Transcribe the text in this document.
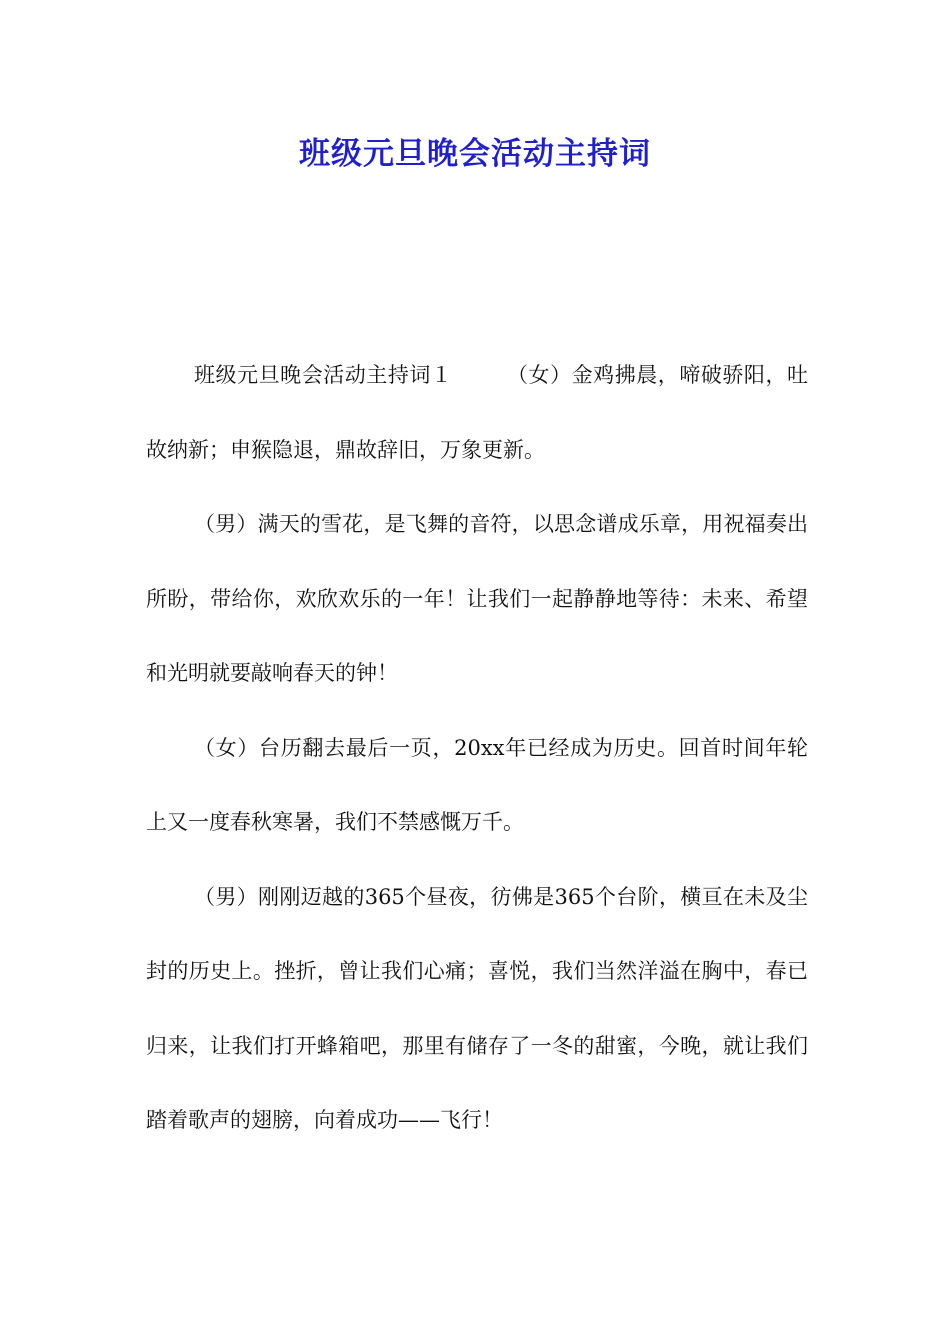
班级元旦晚会活动主持词

班级元旦晚会活动主持词１	（女）金鸡拂晨，啼破骄阳，吐故纳新；申猴隐退，鼎故辞旧，万象更新。

（男）满天的雪花，是飞舞的音符，以思念谱成乐章，用祝福奏出所盼，带给你，欢欣欢乐的一年！让我们一起静静地等待：未来、希望和光明就要敲响春天的钟！

（女）台历翻去最后一页，20xx年已经成为历史。回首时间年轮上又一度春秋寒暑，我们不禁感慨万千。

（男）刚刚迈越的365个昼夜，彷佛是365个台阶，横亘在未及尘封的历史上。挫折，曾让我们心痛；喜悦，我们当然洋溢在胸中，春已归来，让我们打开蜂箱吧，那里有储存了一冬的甜蜜，今晚，就让我们踏着歌声的翅膀，向着成功——飞行！
